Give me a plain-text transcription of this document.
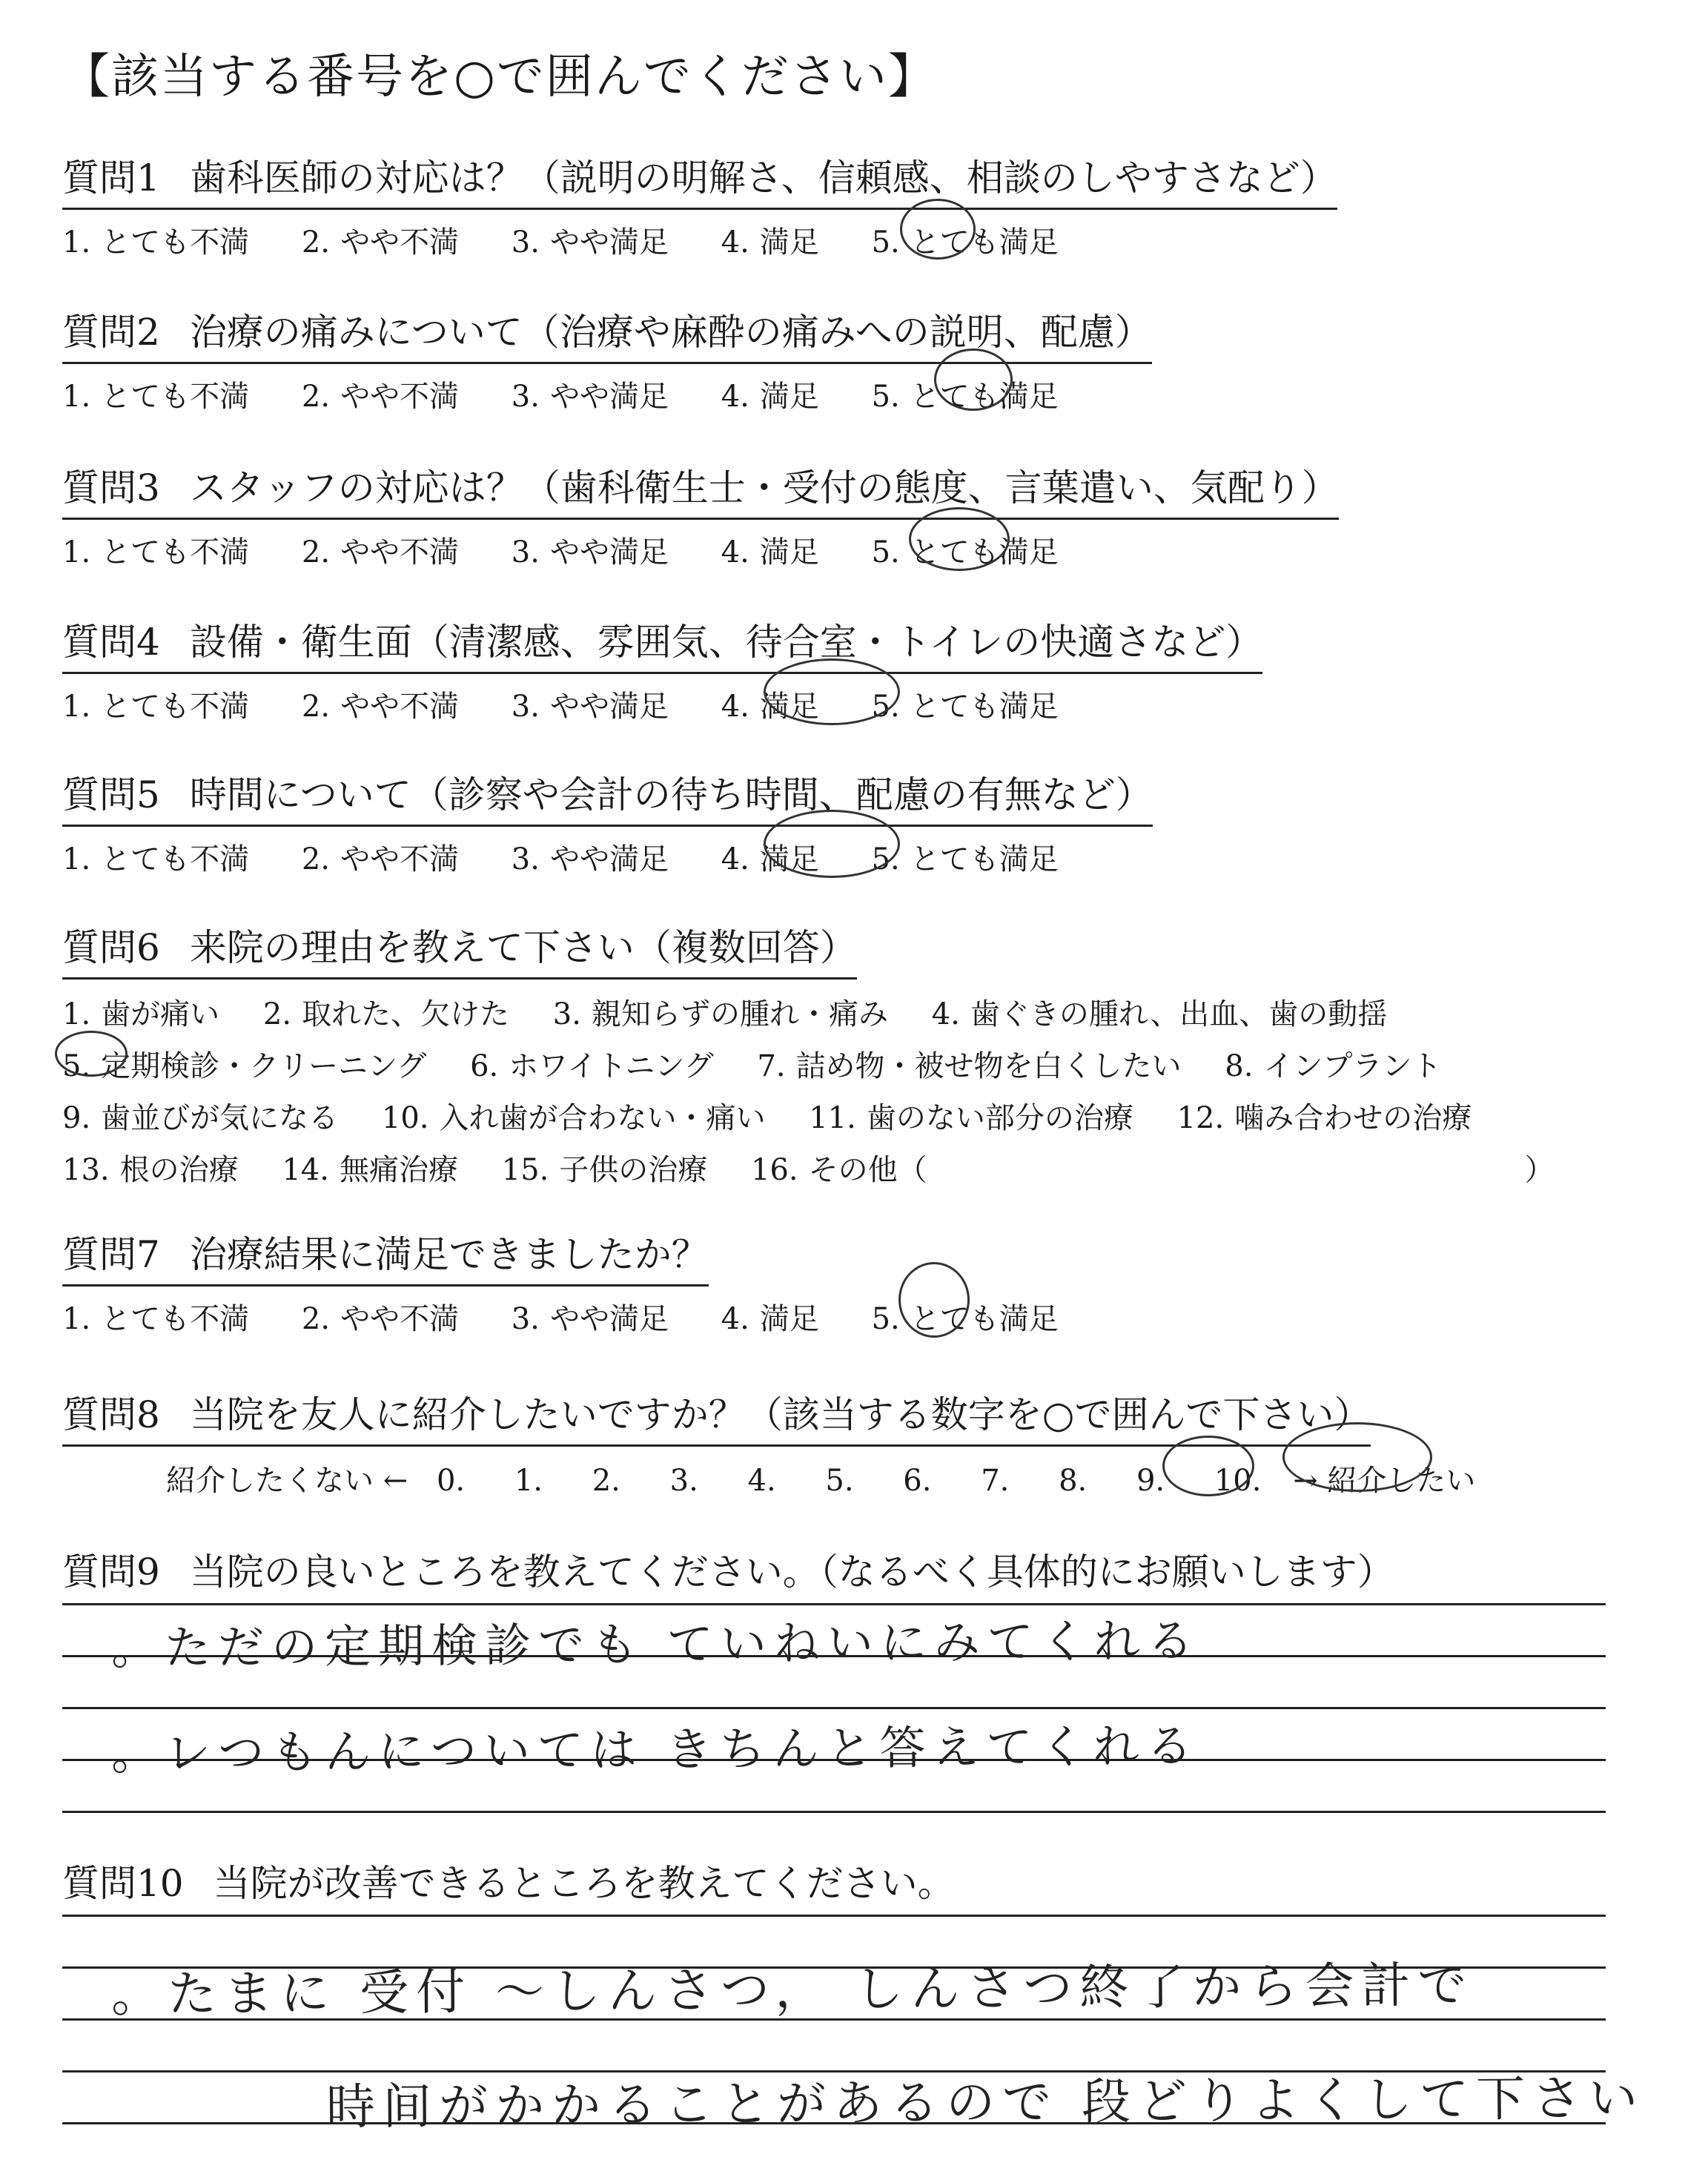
【該当する番号を○で囲んでください】
質問1 歯科医師の対応は？（説明の明解さ、信頼感、相談のしやすさなど）
1. とても不満 2. やや不満 3. やや満足 4. 満足 5. とても満足
質問2 治療の痛みについて（治療や麻酔の痛みへの説明、配慮）
1. とても不満 2. やや不満 3. やや満足 4. 満足 5. とても満足
質問3 スタッフの対応は？（歯科衛生士・受付の態度、言葉遣い、気配り）
1. とても不満 2. やや不満 3. やや満足 4. 満足 5. とても満足
質問4 設備・衛生面（清潔感、雰囲気、待合室・トイレの快適さなど）
1. とても不満 2. やや不満 3. やや満足 4. 満足 5. とても満足
質問5 時間について（診察や会計の待ち時間、配慮の有無など）
1. とても不満 2. やや不満 3. やや満足 4. 満足 5. とても満足
質問6 来院の理由を教えて下さい（複数回答）
1. 歯が痛い 2. 取れた、欠けた 3. 親知らずの腫れ・痛み 4. 歯ぐきの腫れ、出血、歯の動揺
5. 定期検診・クリーニング 6. ホワイトニング 7. 詰め物・被せ物を白くしたい 8. インプラント
9. 歯並びが気になる 10. 入れ歯が合わない・痛い 11. 歯のない部分の治療 12. 噛み合わせの治療
13. 根の治療 14. 無痛治療 15. 子供の治療 16. その他（	）
質問7 治療結果に満足できましたか？
1. とても不満 2. やや不満 3. やや満足 4. 満足 5. とても満足
質問8 当院を友人に紹介したいですか？（該当する数字を○で囲んで下さい）
紹介したくない ← 0. 1. 2. 3. 4. 5. 6. 7. 8. 9. 10. → 紹介したい
質問9 当院の良いところを教えてください。（なるべく具体的にお願いします）
。ただの定期検診でも ていねいにみてくれる
。レつもんについては きちんと答えてくれる
質問10 当院が改善できるところを教えてください。
。たまに 受付 ～しんさつ， しんさつ終了から会計で
時间がかかることがあるので 段どりよくして下さい
